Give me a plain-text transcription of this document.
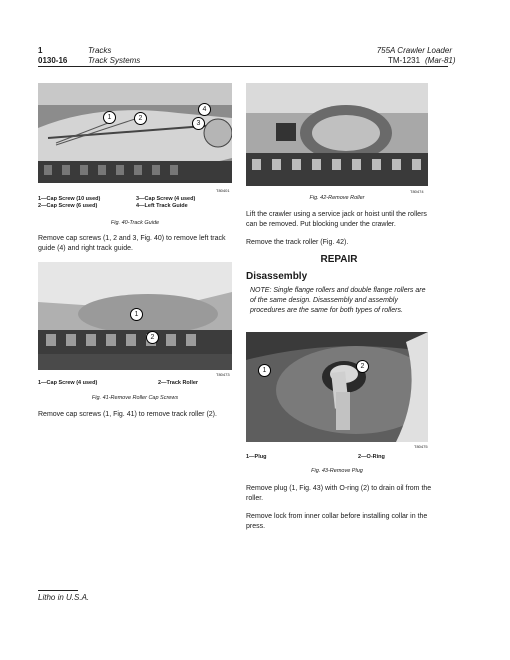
1	Tracks
0130-16	Track Systems
755A Crawler Loader
TM-1231 (Mar-81)
1	2
3
4
T80401
1—Cap Screw (10 used)
2—Cap Screw (6 used)
3—Cap Screw (4 used)
4—Left Track Guide
Fig. 40-Track Guide
Remove cap screws (1, 2 and 3, Fig. 40) to remove left track guide (4) and right track guide.
1
2
T80473
1—Cap Screw (4 used)	2—Track Roller
Fig. 41-Remove Roller Cap Screws
Remove cap screws (1, Fig. 41) to remove track roller (2).
T80474
Fig. 42-Remove Roller
Lift the crawler using a service jack or hoist until the rollers can be removed. Put blocking under the crawler.
Remove the track roller (Fig. 42).
REPAIR
Disassembly
NOTE: Single flange rollers and double flange rollers are of the same design. Disassembly and assembly procedures are the same for both types of rollers.
1
2
T80475
1—Plug	2—O-Ring
Fig. 43-Remove Plug
Remove plug (1, Fig. 43) with O-ring (2) to drain oil from the roller.
Remove lock from inner collar before installing collar in the press.
Litho in U.S.A.
